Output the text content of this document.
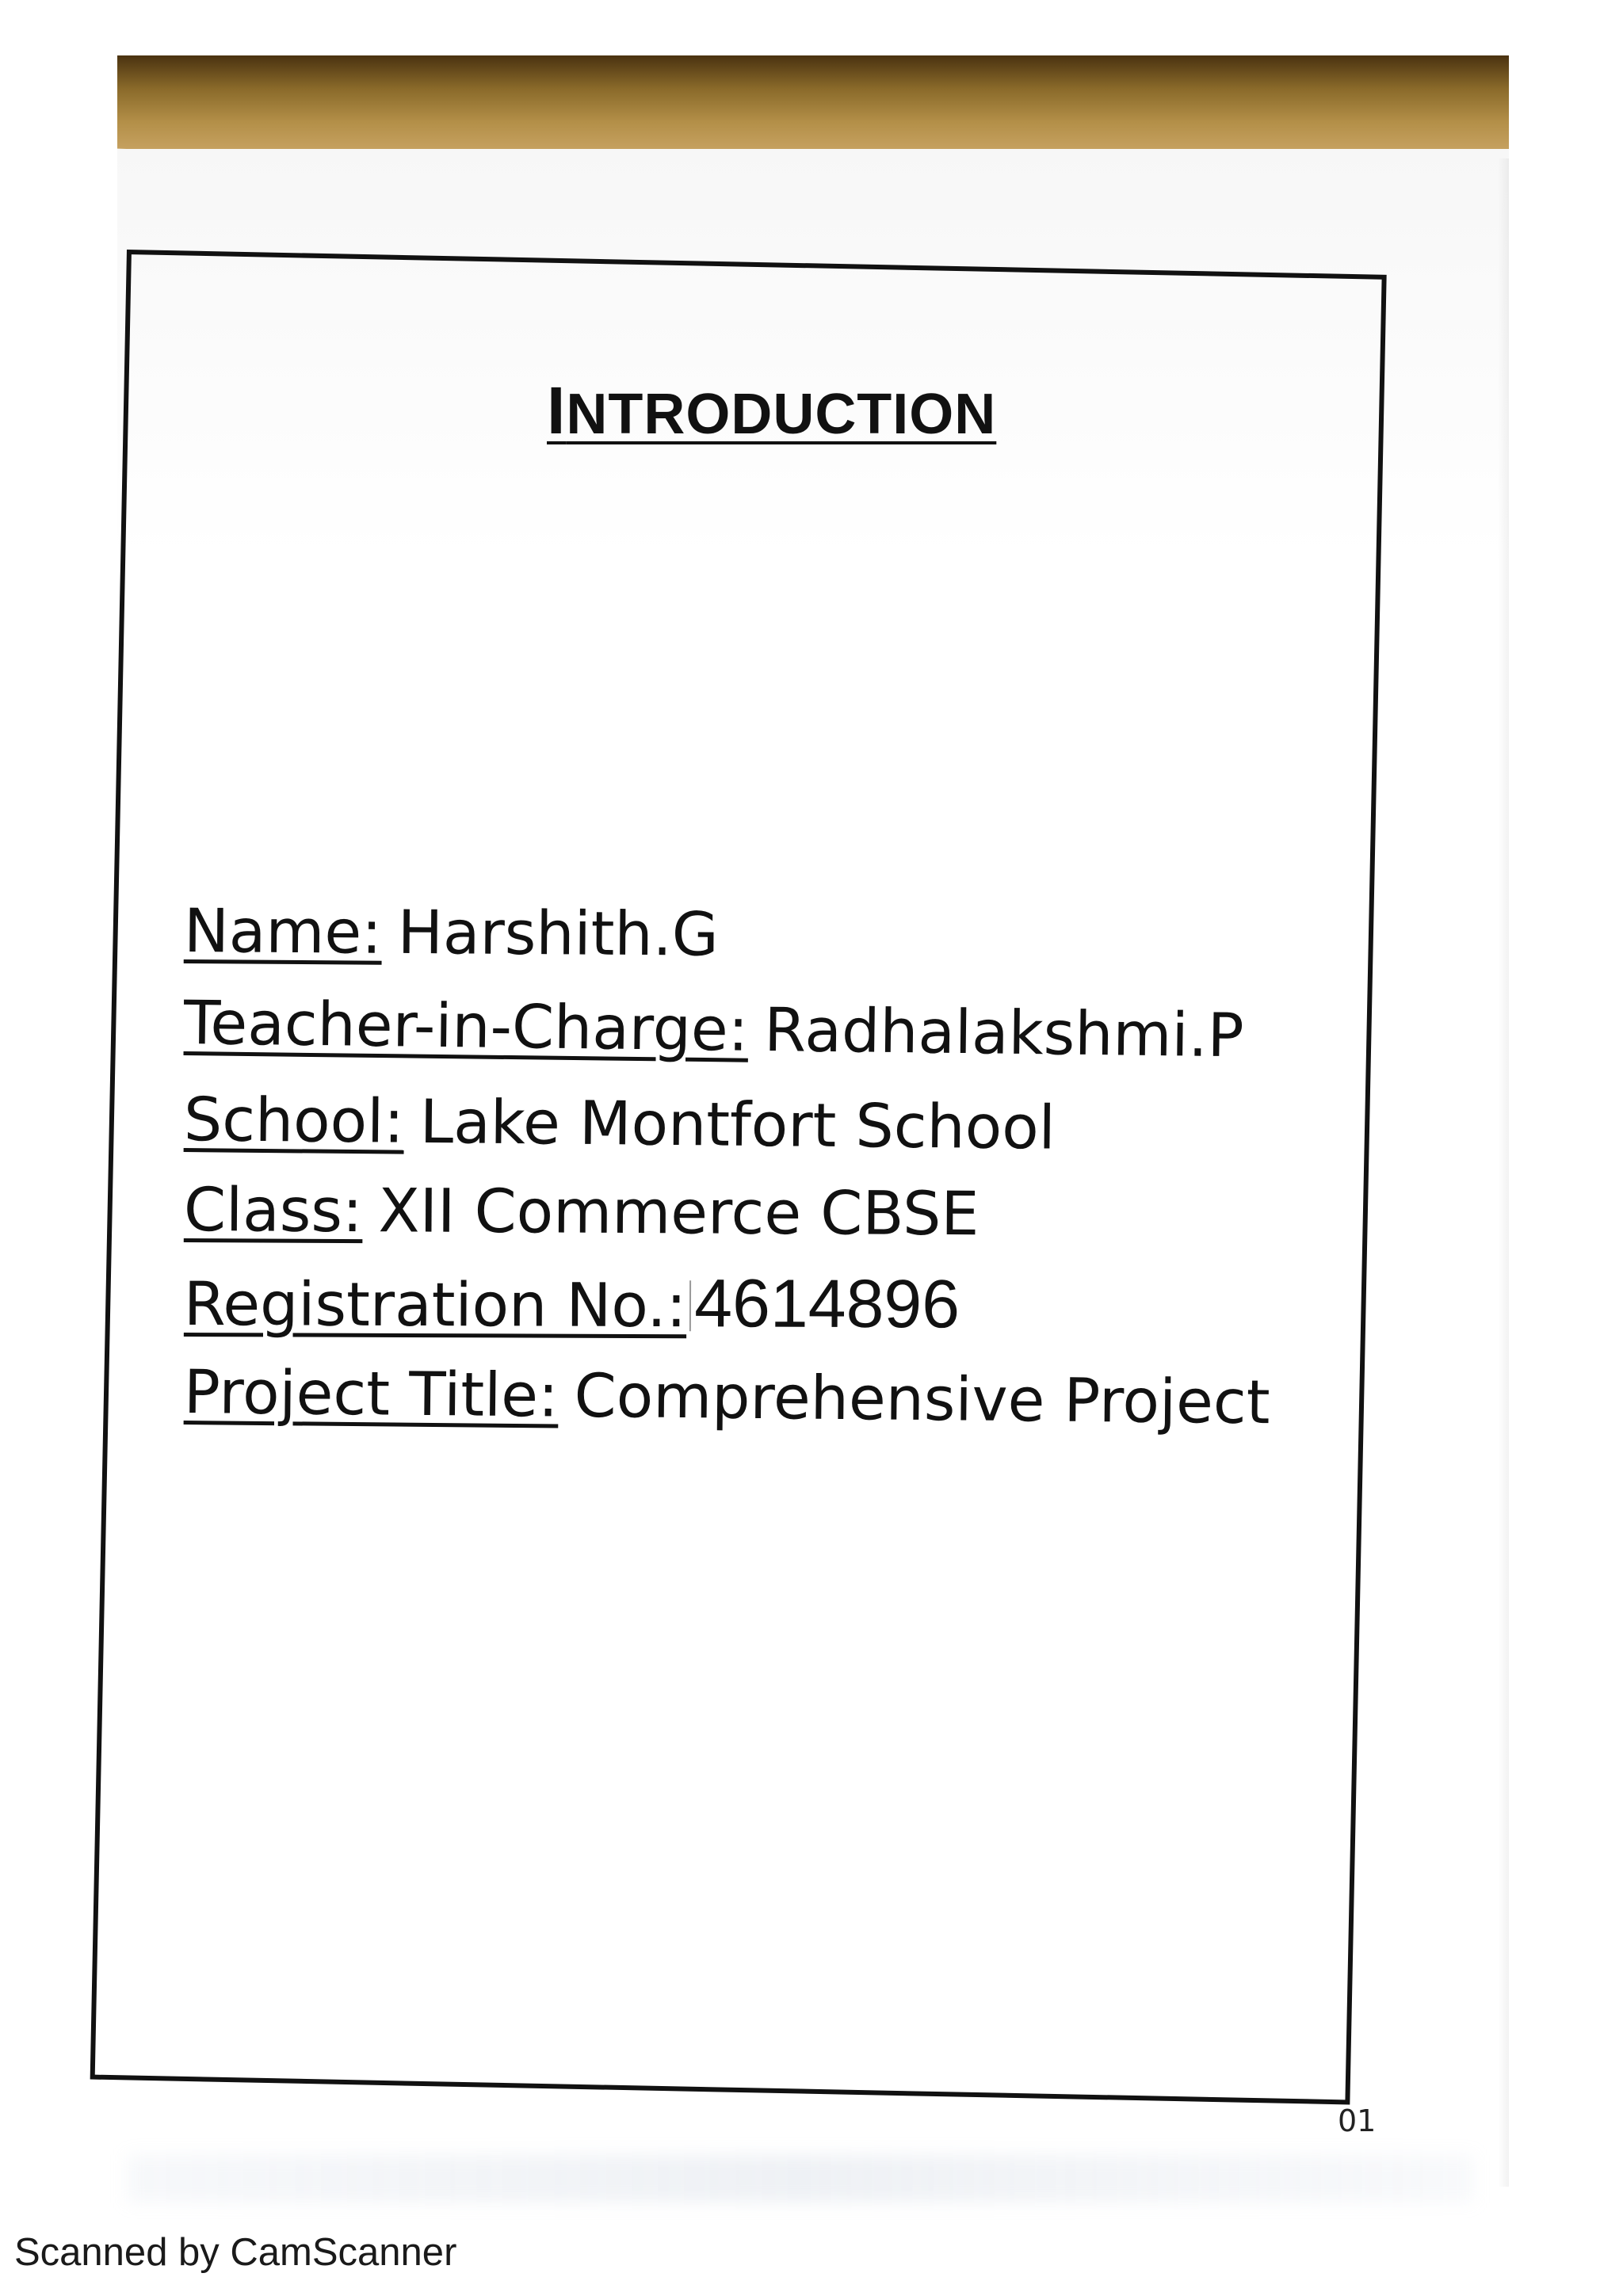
INTRODUCTION
Name: Harshith.G
Teacher-in-Charge: Radhalakshmi.P
School: Lake Montfort School
Class: XII Commerce CBSE
Registration No.: 4614896
Project Title: Comprehensive Project
01
Scanned by CamScanner
